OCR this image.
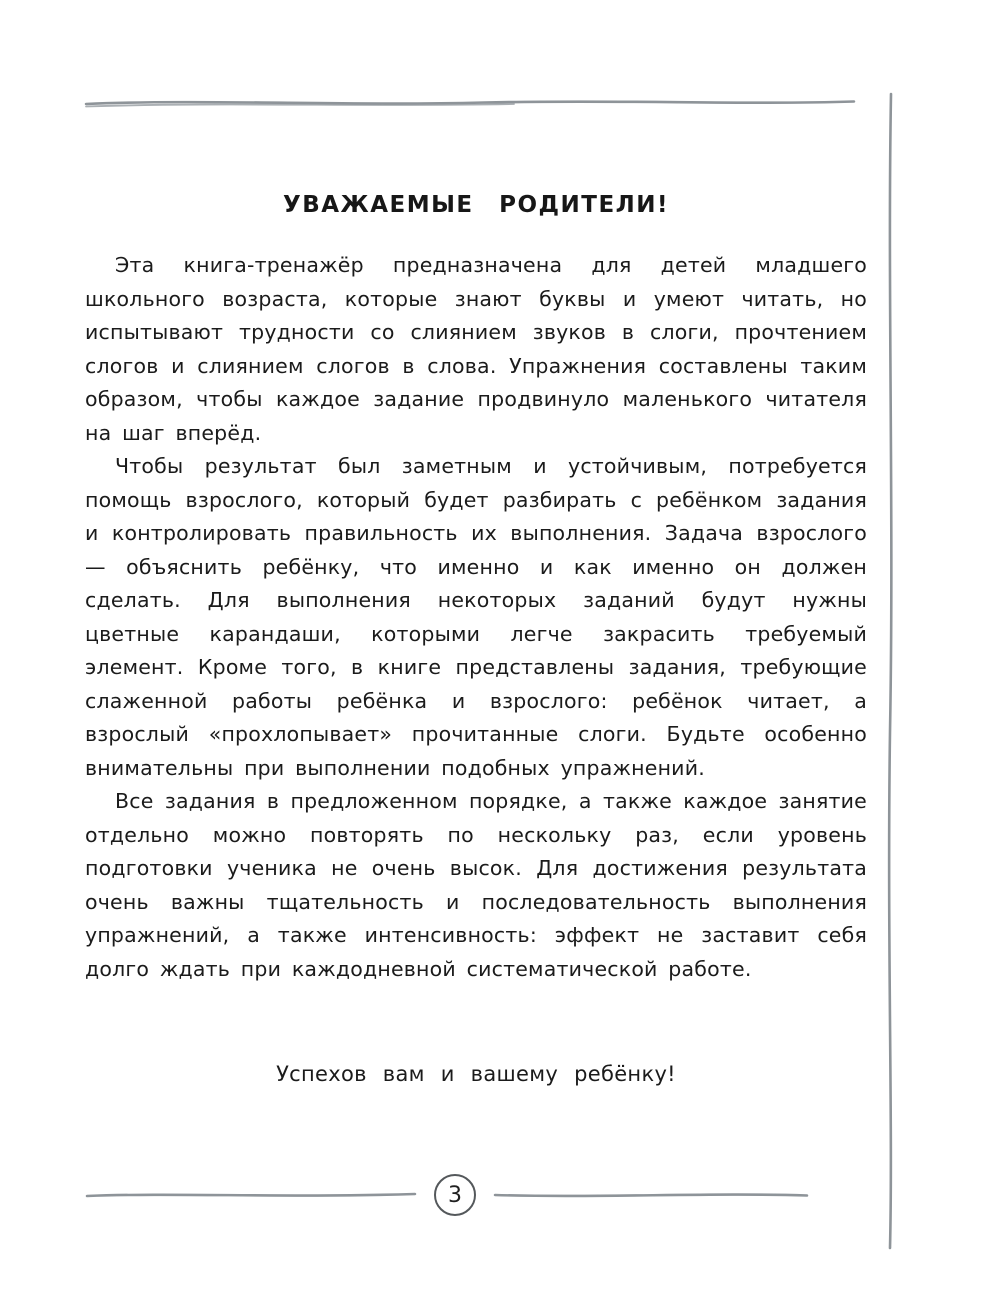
УВАЖАЕМЫЕ РОДИТЕЛИ!

Эта книга-тренажёр предназначена для детей младшего школьного возраста, которые знают буквы и умеют читать, но испытывают трудности со слиянием звуков в слоги, прочтением слогов и слиянием слогов в слова. Упражнения составлены таким образом, чтобы каждое задание продвинуло маленького читателя на шаг вперёд.

Чтобы результат был заметным и устойчивым, потребуется помощь взрослого, который будет разбирать с ребёнком задания и контролировать правильность их выполнения. Задача взрослого — объяснить ребёнку, что именно и как именно он должен сделать. Для выполнения некоторых заданий будут нужны цветные карандаши, которыми легче закрасить требуемый элемент. Кроме того, в книге представлены задания, требующие слаженной работы ребёнка и взрослого: ребёнок читает, а взрослый «прохлопывает» прочитанные слоги. Будьте особенно внимательны при выполнении подобных упражнений.

Все задания в предложенном порядке, а также каждое занятие отдельно можно повторять по нескольку раз, если уровень подготовки ученика не очень высок. Для достижения результата очень важны тщательность и последовательность выполнения упражнений, а также интенсивность: эффект не заставит себя долго ждать при каждодневной систематической работе.

Успехов вам и вашему ребёнку!

3
